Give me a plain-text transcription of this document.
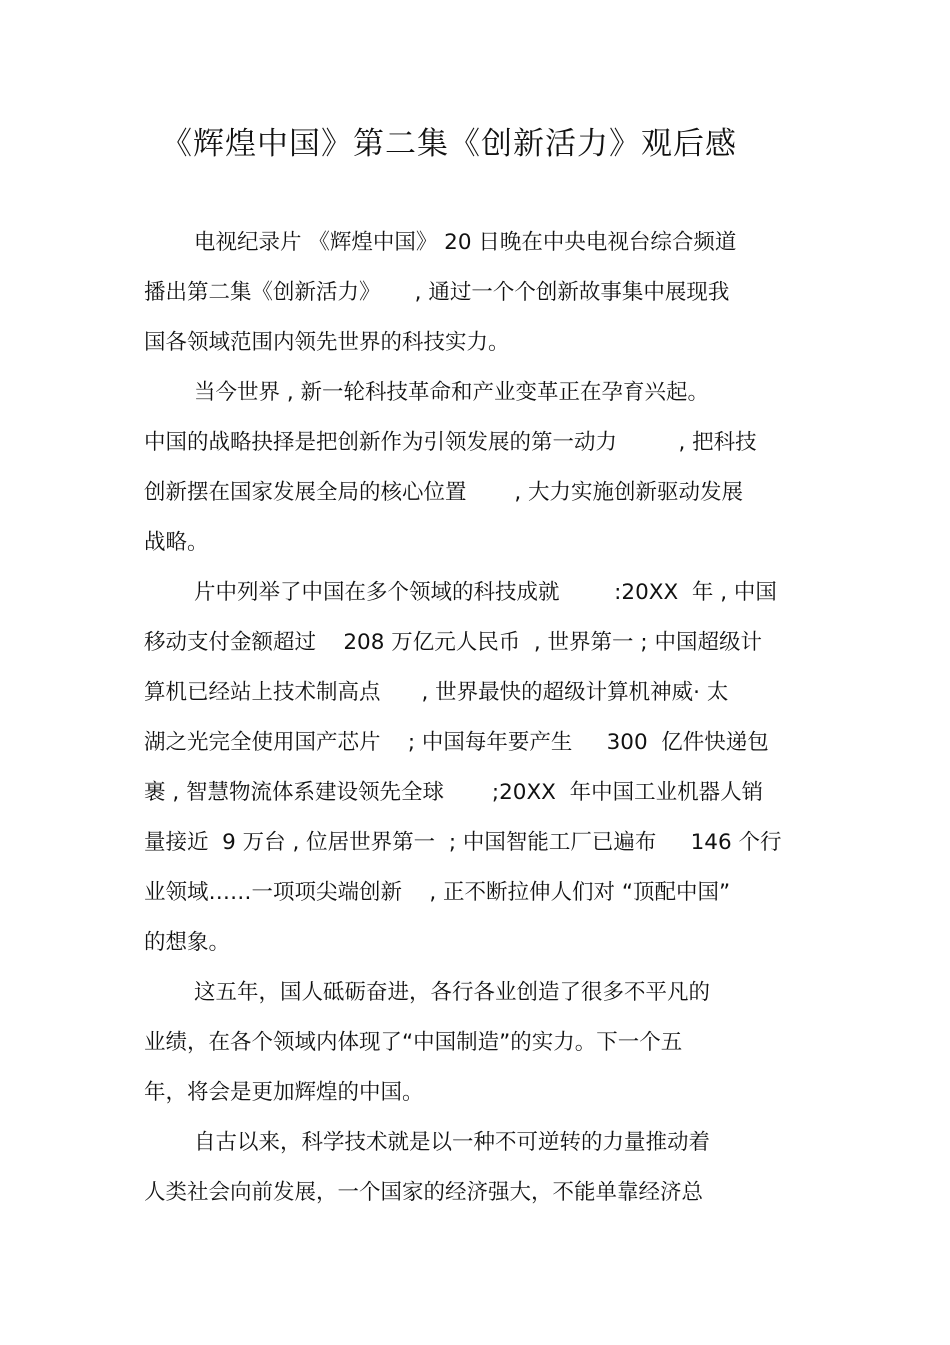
《辉煌中国》第二集《创新活力》观后感
电视纪录片 《辉煌中国》 20 日晚在中央电视台综合频道
播出第二集《创新活力》     , 通过一个个创新故事集中展现我
国各领域范围内领先世界的科技实力。
当今世界 , 新一轮科技革命和产业变革正在孕育兴起。
中国的战略抉择是把创新作为引领发展的第一动力         , 把科技
创新摆在国家发展全局的核心位置       , 大力实施创新驱动发展
战略。
片中列举了中国在多个领域的科技成就        :20XX  年 , 中国
移动支付金额超过    208 万亿元人民币  , 世界第一 ; 中国超级计
算机已经站上技术制高点      , 世界最快的超级计算机神威· 太
湖之光完全使用国产芯片    ; 中国每年要产生     300  亿件快递包
裹 , 智慧物流体系建设领先全球       ;20XX  年中国工业机器人销
量接近  9 万台 , 位居世界第一  ; 中国智能工厂已遍布     146 个行
业领域……一项项尖端创新    , 正不断拉伸人们对 “顶配中国”
的想象。
这五年，国人砥砺奋进，各行各业创造了很多不平凡的
业绩，在各个领域内体现了“中国制造”的实力。下一个五
年，将会是更加辉煌的中国。
自古以来，科学技术就是以一种不可逆转的力量推动着
人类社会向前发展，一个国家的经济强大，不能单靠经济总
